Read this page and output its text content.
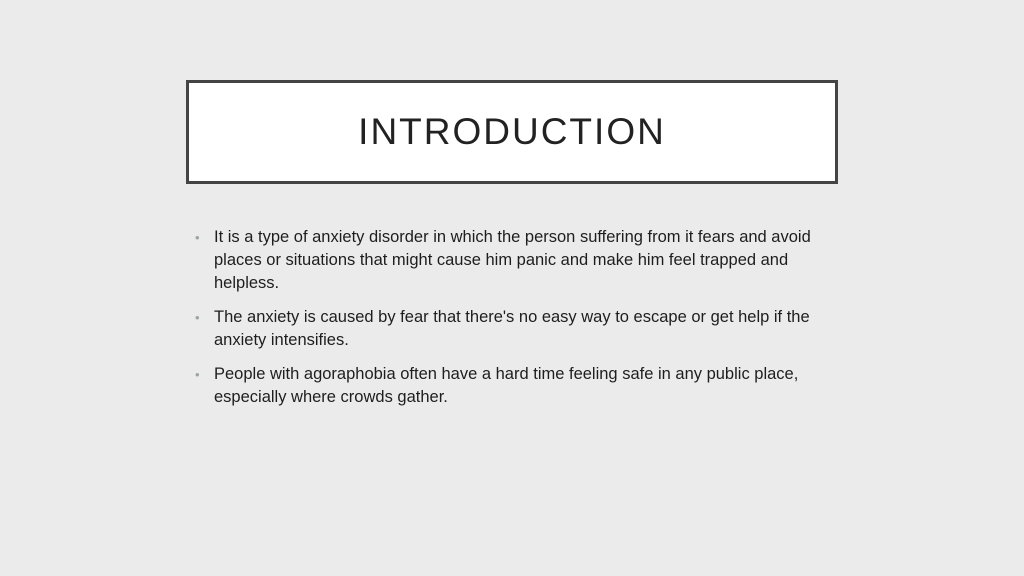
INTRODUCTION
• It is a type of anxiety disorder in which the person suffering from it fears and avoid places or situations that might cause him panic and make him feel trapped and helpless.
• The anxiety is caused by fear that there's no easy way to escape or get help if the anxiety intensifies.
• People with agoraphobia often have a hard time feeling safe in any public place, especially where crowds gather.
